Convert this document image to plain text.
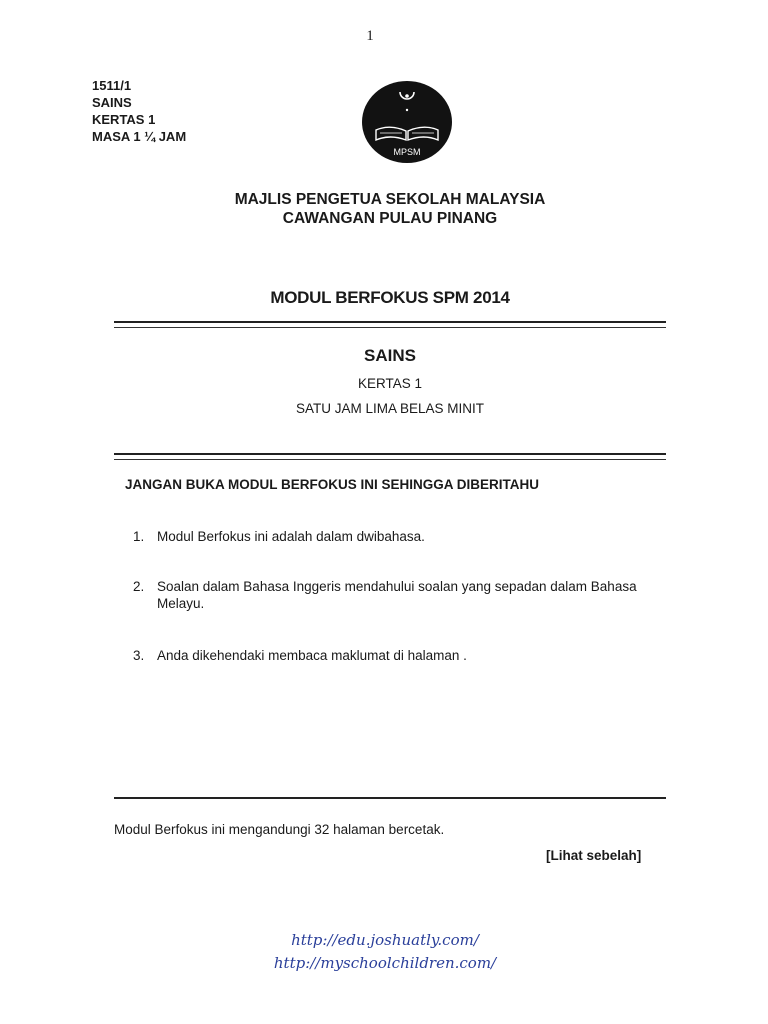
1
1511/1
SAINS
KERTAS 1
MASA 1 ¼ JAM
MPSM
MAJLIS PENGETUA SEKOLAH MALAYSIA
CAWANGAN PULAU PINANG
MODUL BERFOKUS SPM 2014
SAINS
KERTAS 1
SATU JAM LIMA BELAS MINIT
JANGAN BUKA MODUL BERFOKUS INI SEHINGGA DIBERITAHU
1. Modul Berfokus ini adalah dalam dwibahasa.
2. Soalan dalam Bahasa Inggeris mendahului soalan yang sepadan dalam Bahasa Melayu.
3. Anda dikehendaki membaca maklumat di halaman .
Modul Berfokus ini mengandungi 32 halaman bercetak.
[Lihat sebelah]
http://edu.joshuatly.com/
http://myschoolchildren.com/
